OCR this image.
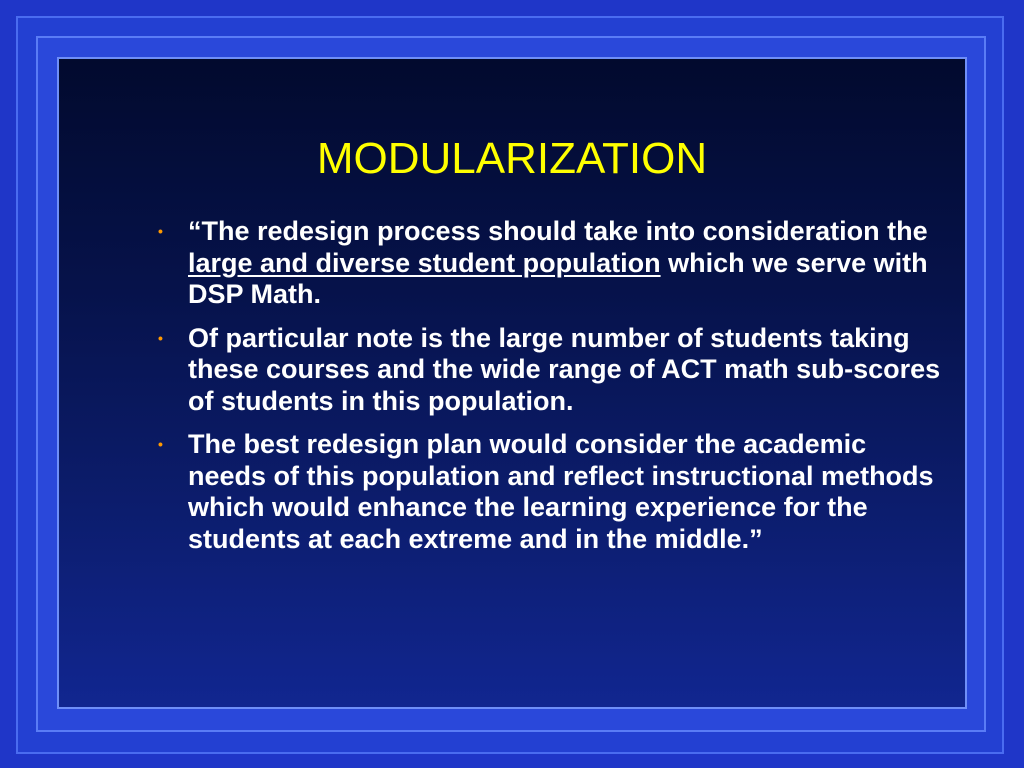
MODULARIZATION
• “The redesign process should take into consideration the large and diverse student population which we serve with DSP Math.
• Of particular note is the large number of students taking these courses and the wide range of ACT math sub-scores of students in this population.
• The best redesign plan would consider the academic needs of this population and reflect instructional methods which would enhance the learning experience for the students at each extreme and in the middle.”
